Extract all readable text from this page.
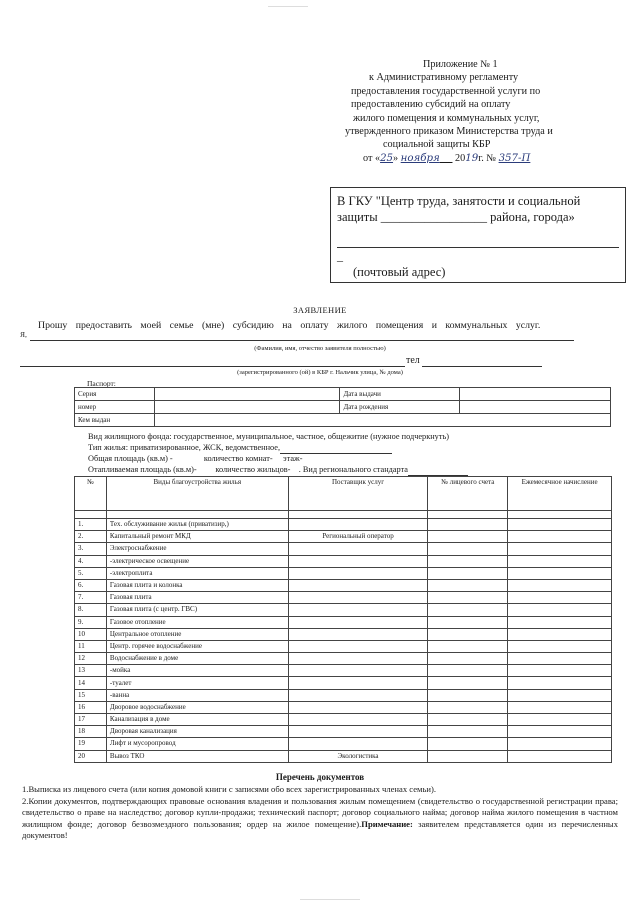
Приложение № 1
к Административному регламенту
предоставления государственной услуги по
предоставлению субсидий на оплату
жилого помещения и коммунальных услуг,
утвержденного приказом Министерства труда и
социальной защиты КБР
от «25» ноября 2019г. № 357-П
В ГКУ "Центр труда, занятости и социальной
защиты _________________ района, города»
_
(почтовый адрес)
ЗАЯВЛЕНИЕ
Прошу предоставить моей семье (мне) субсидию на оплату жилого помещения и коммунальных услуг.
Я,
(Фамилия, имя, отчество заявителя полностью)
тел
(зарегистрированного (ой) в КБР г. Нальчик улица, № дома)
Паспорт:
Серия		Дата выдачи	
номер		Дата рождения	
Кем выдан			
Вид жилищного фонда: государственное, муниципальное, частное, общежитие (нужное подчеркнуть)
Тип жилья: приватизированное, ЖСК, ведомственное,
Общая площадь (кв.м) -	количество комнат- этаж-
Отапливаемая площадь (кв.м)- количество жильцов- . Вид регионального стандарта
№	Виды благоустройства жилья	Поставщик услуг	№ лицевого счета	Ежемесячное начисление

1.	Тех. обслуживание жилья (приватизир,)			
2.	Капитальный ремонт МКД	Региональный оператор		
3.	Электроснабжение			
4.	-электрическое освещение			
5.	-электроплита			
6.	Газовая плита и колонка			
7.	Газовая плита			
8.	Газовая плита (с центр. ГВС)			
9.	Газовое отопление			
10	Центральное отопление			
11	Центр. горячее водоснабжение			
12	Водоснабжение в доме			
13	-мойка			
14	-туалет			
15	-ванна			
16	Дворовое водоснабжение			
17	Канализация в доме			
18	Дворовая канализация			
19	Лифт и мусоропровод			
20	Вывоз ТКО	Экологистика		
Перечень документов

1.Выписка из лицевого счета (или копия домовой книги с записями обо всех зарегистрированных членах семьи).

2.Копии документов, подтверждающих правовые основания владения и пользования жилым помещением (свидетельство о государственной регистрации права; свидетельство о праве на наследство; договор купли-продажи; технический паспорт; договор социального найма; договор найма жилого помещения в частном жилищном фонде; договор безвозмездного пользования; ордер на жилое помещение).Примечание: заявителем представляется один из перечисленных документов!
